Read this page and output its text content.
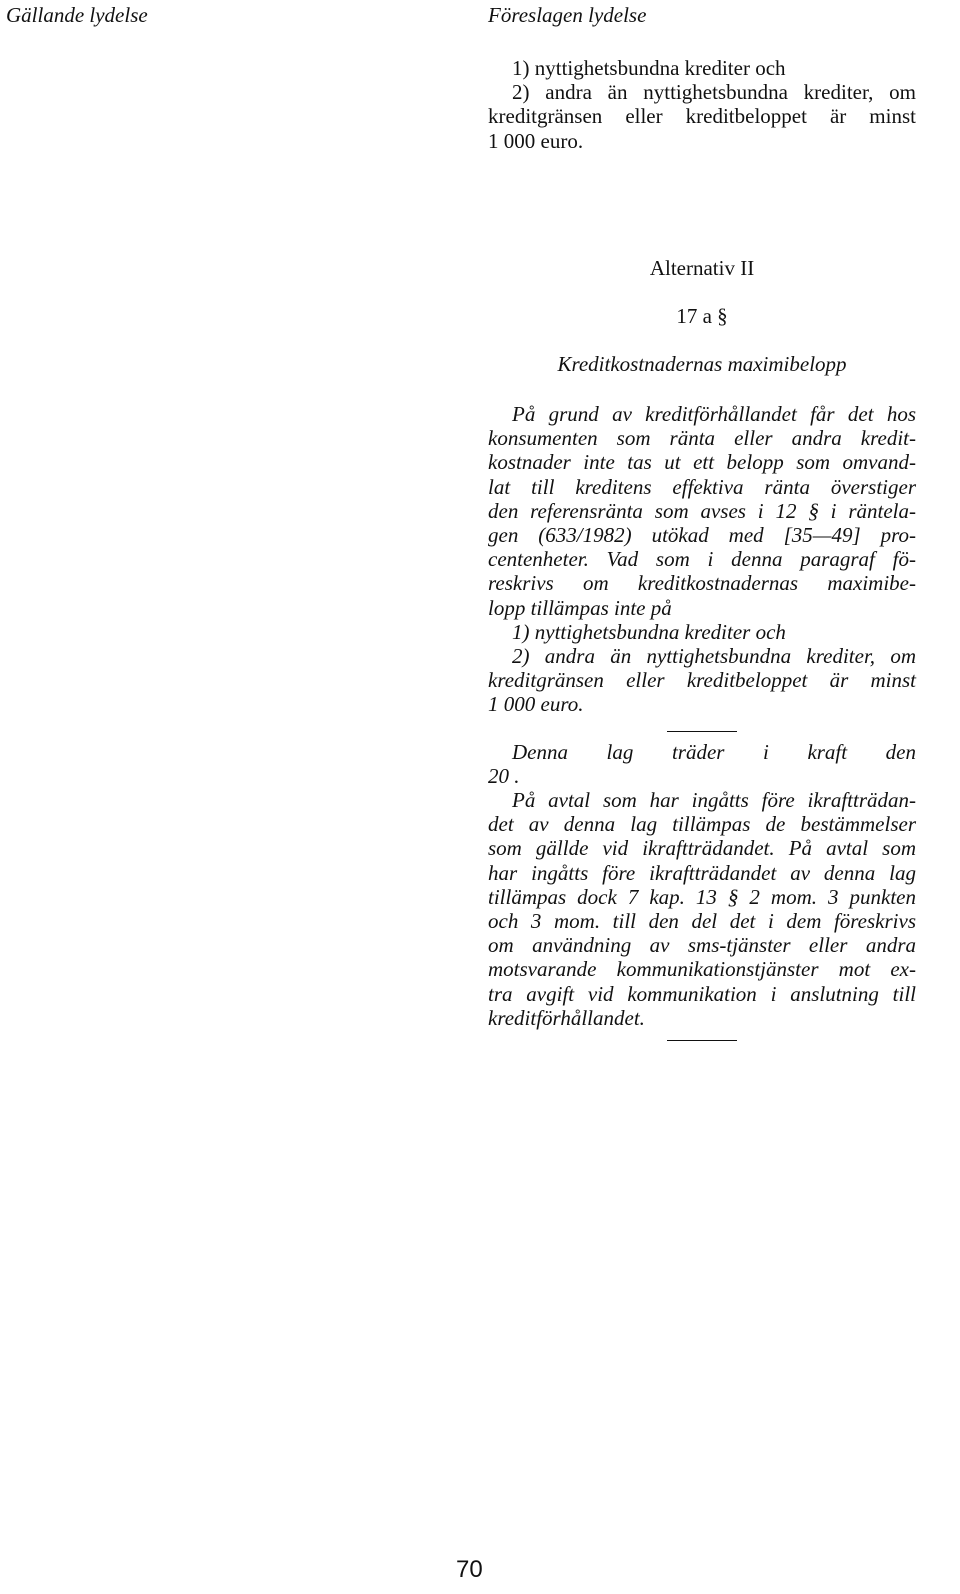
Gällande lydelse	Föreslagen lydelse
1) nyttighetsbundna krediter och
2) andra än nyttighetsbundna krediter, om
kreditgränsen eller kreditbeloppet är minst
1 000 euro.
Alternativ II
17 a §
Kreditkostnadernas maximibelopp
På grund av kreditförhållandet får det hos
konsumenten som ränta eller andra kredit-
kostnader inte tas ut ett belopp som omvand-
lat till kreditens effektiva ränta överstiger
den referensränta som avses i 12 § i räntela-
gen (633/1982) utökad med [35—49] pro-
centenheter. Vad som i denna paragraf fö-
reskrivs om kreditkostnadernas maximibe-
lopp tillämpas inte på
1) nyttighetsbundna krediter och
2) andra än nyttighetsbundna krediter, om
kreditgränsen eller kreditbeloppet är minst
1 000 euro.
Denna lag träder i kraft den
20 .
På avtal som har ingåtts före ikraftträdan-
det av denna lag tillämpas de bestämmelser
som gällde vid ikraftträdandet. På avtal som
har ingåtts före ikraftträdandet av denna lag
tillämpas dock 7 kap. 13 § 2 mom. 3 punkten
och 3 mom. till den del det i dem föreskrivs
om användning av sms-tjänster eller andra
motsvarande kommunikationstjänster mot ex-
tra avgift vid kommunikation i anslutning till
kreditförhållandet.
70
